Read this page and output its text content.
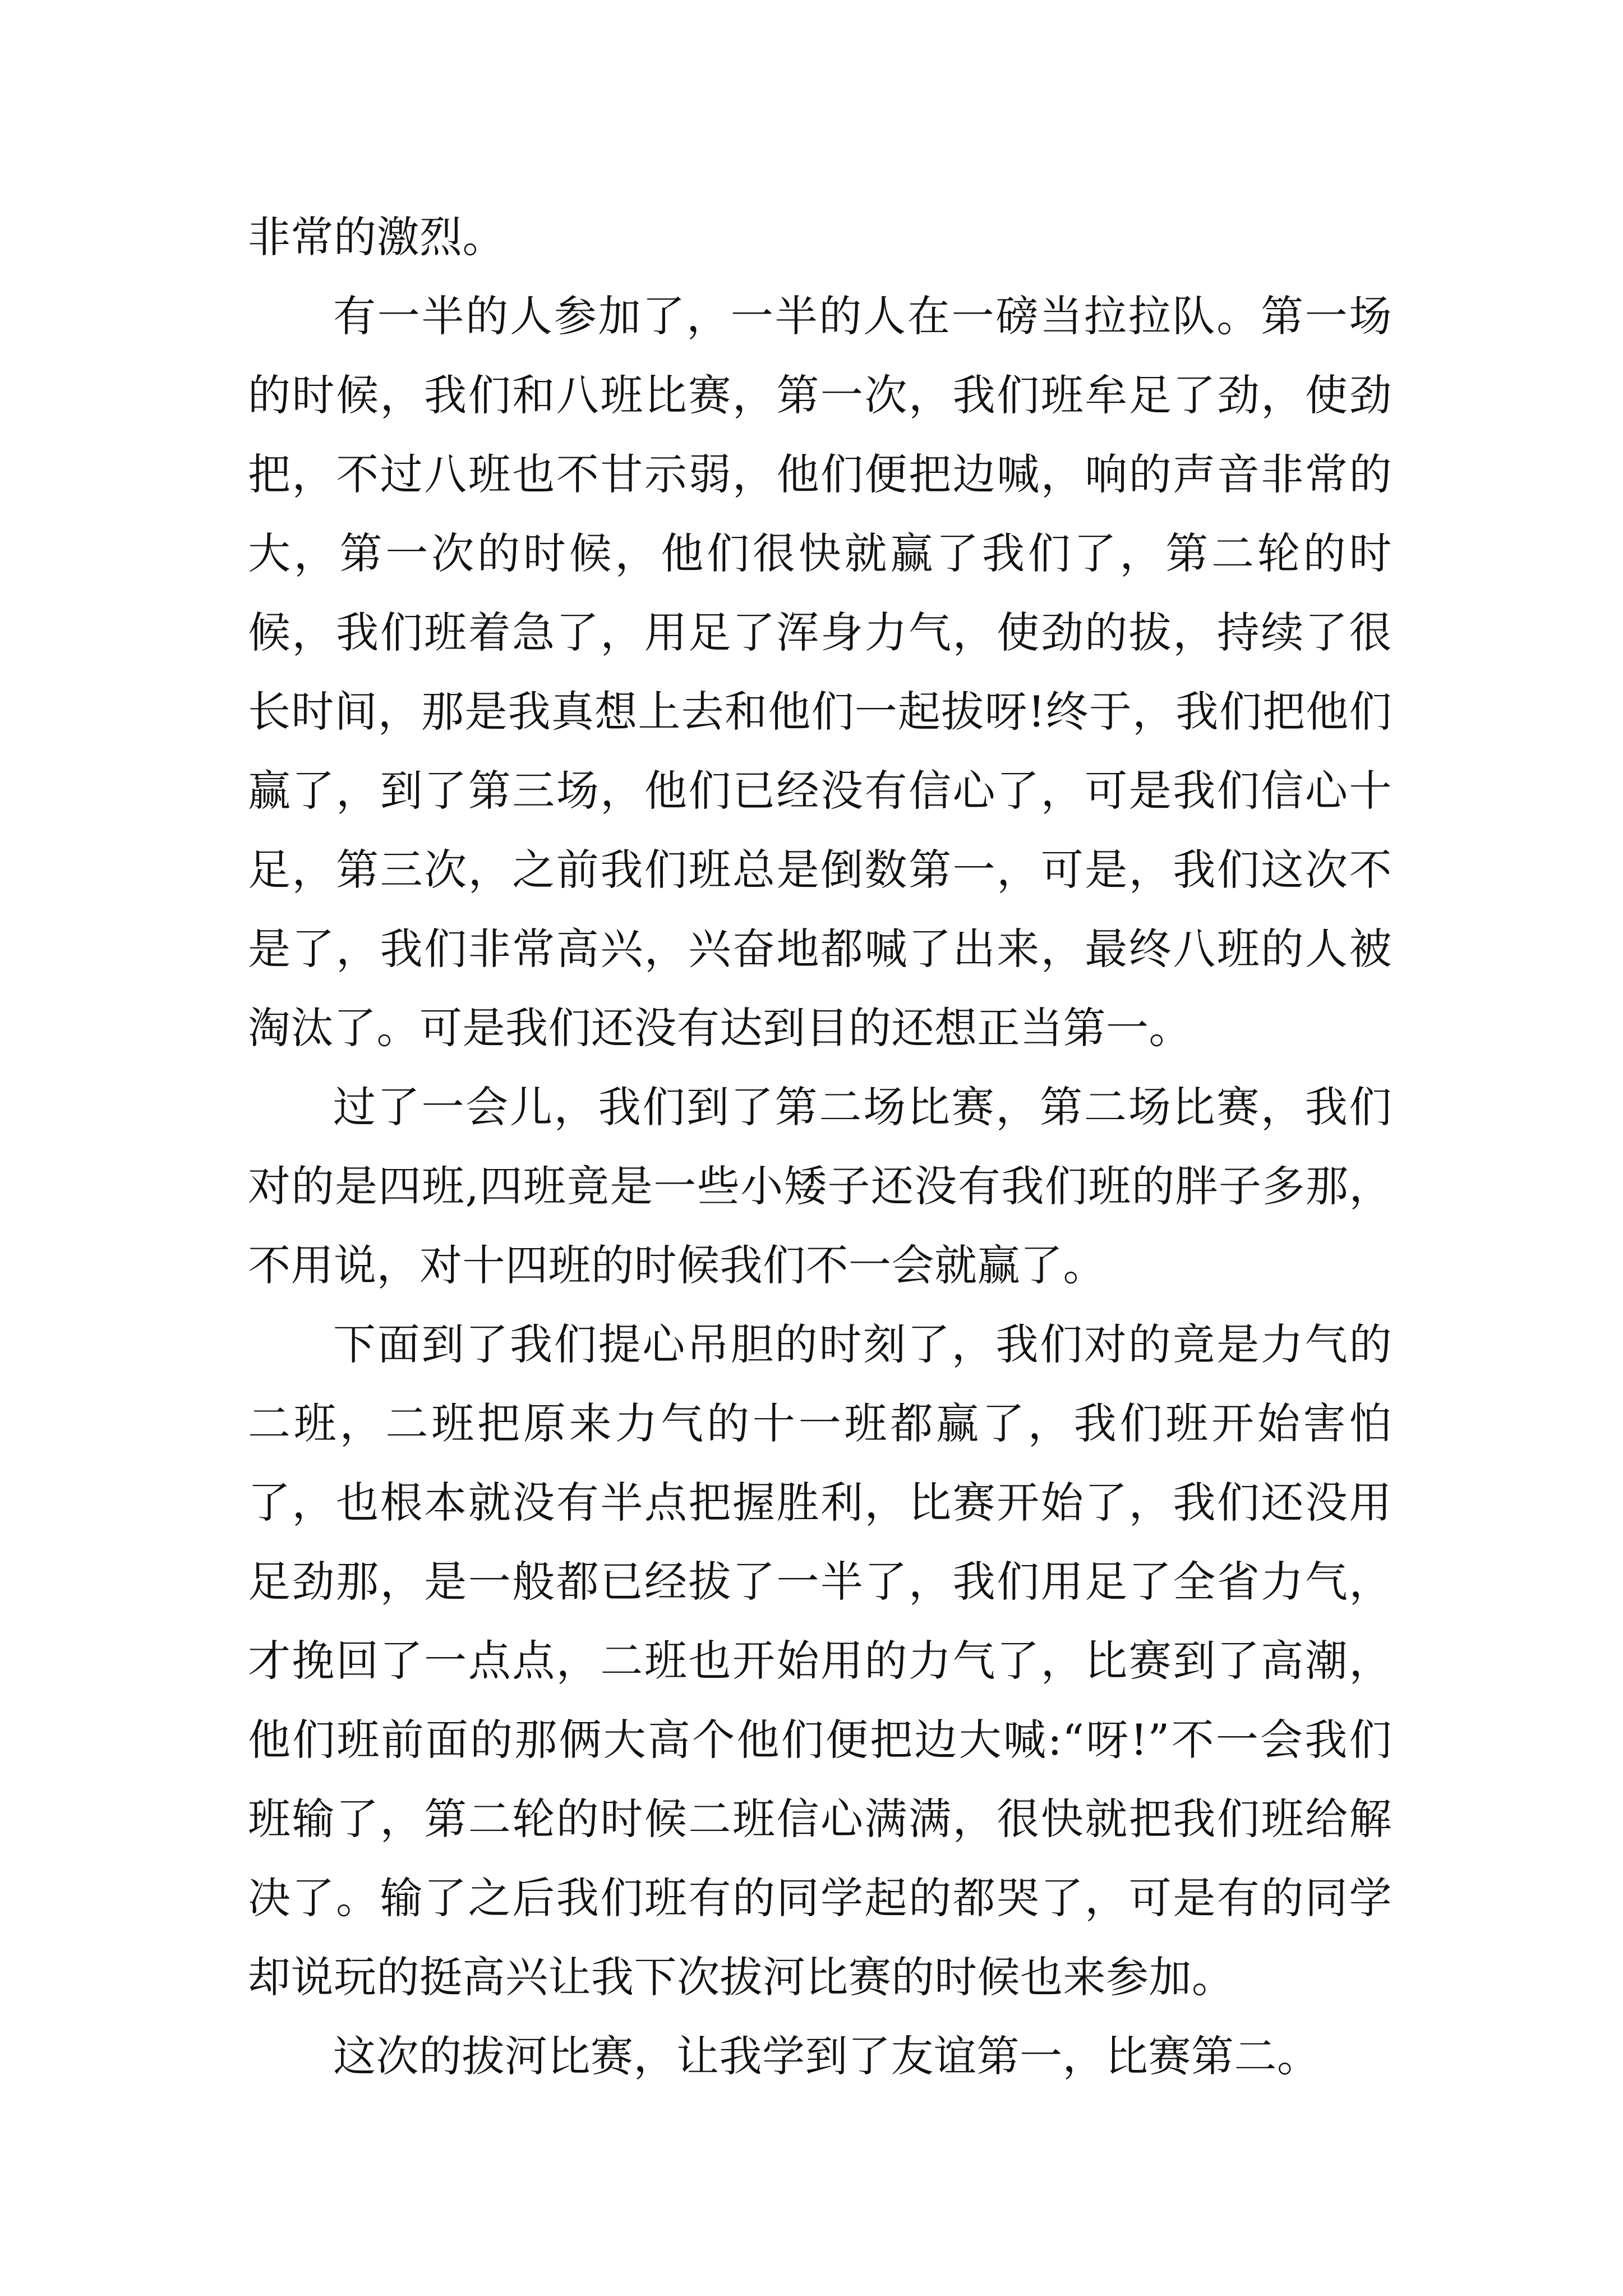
非常的激烈。

有一半的人参加了，一半的人在一磅当拉拉队。第一场的时候，我们和八班比赛，第一次，我们班牟足了劲，使劲把，不过八班也不甘示弱，他们便把边喊，响的声音非常的大，第一次的时候，他们很快就赢了我们了，第二轮的时候，我们班着急了，用足了浑身力气，使劲的拔，持续了很长时间，那是我真想上去和他们一起拔呀!终于，我们把他们赢了，到了第三场，他们已经没有信心了，可是我们信心十足，第三次，之前我们班总是倒数第一，可是，我们这次不是了，我们非常高兴，兴奋地都喊了出来，最终八班的人被淘汰了。可是我们还没有达到目的还想正当第一。

过了一会儿，我们到了第二场比赛，第二场比赛，我们对的是四班,四班竟是一些小矮子还没有我们班的胖子多那，不用说，对十四班的时候我们不一会就赢了。

下面到了我们提心吊胆的时刻了，我们对的竟是力气的二班，二班把原来力气的十一班都赢了，我们班开始害怕了，也根本就没有半点把握胜利，比赛开始了，我们还没用足劲那，是一般都已经拔了一半了，我们用足了全省力气，才挽回了一点点，二班也开始用的力气了，比赛到了高潮，他们班前面的那俩大高个他们便把边大喊:“呀!”不一会我们班输了，第二轮的时候二班信心满满，很快就把我们班给解决了。输了之后我们班有的同学起的都哭了，可是有的同学却说玩的挺高兴让我下次拔河比赛的时候也来参加。

这次的拔河比赛，让我学到了友谊第一，比赛第二。
